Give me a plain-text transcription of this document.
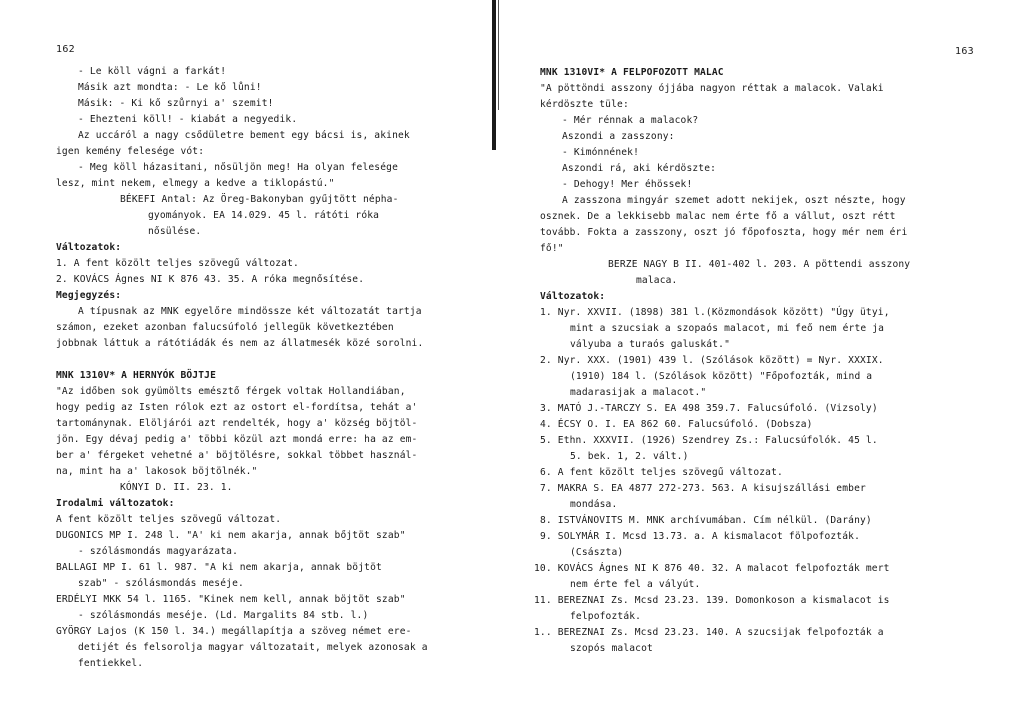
162	163
- Le köll vágni a farkát!
Másik azt mondta: - Le kő lůni!
Másik: - Ki kő szůrnyi a' szemit!
- Ehezteni köll! - kiabát a negyedik.
Az uccáról a nagy csődületre bement egy bácsi is, akinek
igen kemény felesége vót:
- Meg köll házasitani, nősüljön meg! Ha olyan felesége
lesz, mint nekem, elmegy a kedve a tiklopástú."
BÉKEFI Antal: Az Öreg-Bakonyban gyűjtött népha-
gyományok. EA 14.029. 45 l. rátóti róka
nősülése.
Változatok:
1. A fent közölt teljes szövegű változat.
2. KOVÁCS Ágnes NI K 876 43. 35. A róka megnősítése.
Megjegyzés:
A típusnak az MNK egyelőre mindössze két változatát tartja
számon, ezeket azonban falucsúfoló jellegük következtében
jobbnak láttuk a rátótiádák és nem az állatmesék közé sorolni.
MNK 1310V* A HERNYÓK BÖJTJE
"Az időben sok gyümölts emésztő férgek voltak Hollandiában,
hogy pedig az Isten rólok ezt az ostort el-fordítsa, tehát a'
tartománynak. Elöljárói azt rendelték, hogy a' község böjtöl-
jön. Egy dévaj pedig a' többi közül azt mondá erre: ha az em-
ber a' férgeket vehetné a' böjtölésre, sokkal többet használ-
na, mint ha a' lakosok böjtölnék."
KÓNYI D. II. 23. 1.
Irodalmi változatok:
A fent közölt teljes szövegű változat.
DUGONICS MP I. 248 l. "A' ki nem akarja, annak bőjtöt szab"
- szólásmondás magyarázata.
BALLAGI MP I. 61 l. 987. "A ki nem akarja, annak böjtöt
szab" - szólásmondás meséje.
ERDÉLYI MKK 54 l. 1165. "Kinek nem kell, annak böjtöt szab"
- szólásmondás meséje. (Ld. Margalits 84 stb. l.)
GYÖRGY Lajos (K 150 l. 34.) megállapítja a szöveg német ere-
detijét és felsorolja magyar változatait, melyek azonosak a
fentiekkel.
MNK 1310VI* A FELPOFOZOTT MALAC
"A pöttöndi asszony ójjába nagyon réttak a malacok. Valaki
kérdöszte tüle:
- Mér rénnak a malacok?
Aszondi a zasszony:
- Kimónnének!
Aszondi rá, aki kérdöszte:
- Dehogy! Mer éhössek!
A zasszona mingyár szemet adott nekijek, oszt nészte, hogy
osznek. De a lekkisebb malac nem érte fő a vállut, oszt rétt
tovább. Fokta a zasszony, oszt jó főpofoszta, hogy mér nem éri
fő!"
BERZE NAGY B II. 401-402 l. 203. A pöttendi asszony
malaca.
Változatok:
1. Nyr. XXVII. (1898) 381 l.(Közmondások között) "Úgy ütyi,
mint a szucsiak a szopaós malacot, mi feő nem érte ja
vályuba a turaós galuskát."
2. Nyr. XXX. (1901) 439 l. (Szólások között) = Nyr. XXXIX.
(1910) 184 l. (Szólások között) "Főpofozták, mind a
madarasijak a malacot."
3. MATÓ J.-TARCZY S. EA 498 359.7. Falucsúfoló. (Vizsoly)
4. ÉCSY O. I. EA 862 60. Falucsúfoló. (Dobsza)
5. Ethn. XXXVII. (1926) Szendrey Zs.: Falucsúfolók. 45 l.
5. bek. 1, 2. vált.)
6. A fent közölt teljes szövegű változat.
7. MAKRA S. EA 4877 272-273. 563. A kisujszállási ember
mondása.
8. ISTVÁNOVITS M. MNK archívumában. Cím nélkül. (Darány)
9. SOLYMÁR I. Mcsd 13.73. a. A kismalacot fölpofozták.
(Császta)
10. KOVÁCS Ágnes NI K 876 40. 32. A malacot felpofozták mert
nem érte fel a vályút.
11. BEREZNAI Zs. Mcsd 23.23. 139. Domonkoson a kismalacot is
felpofozták.
1.. BEREZNAI Zs. Mcsd 23.23. 140. A szucsijak felpofozták a
szopós malacot
